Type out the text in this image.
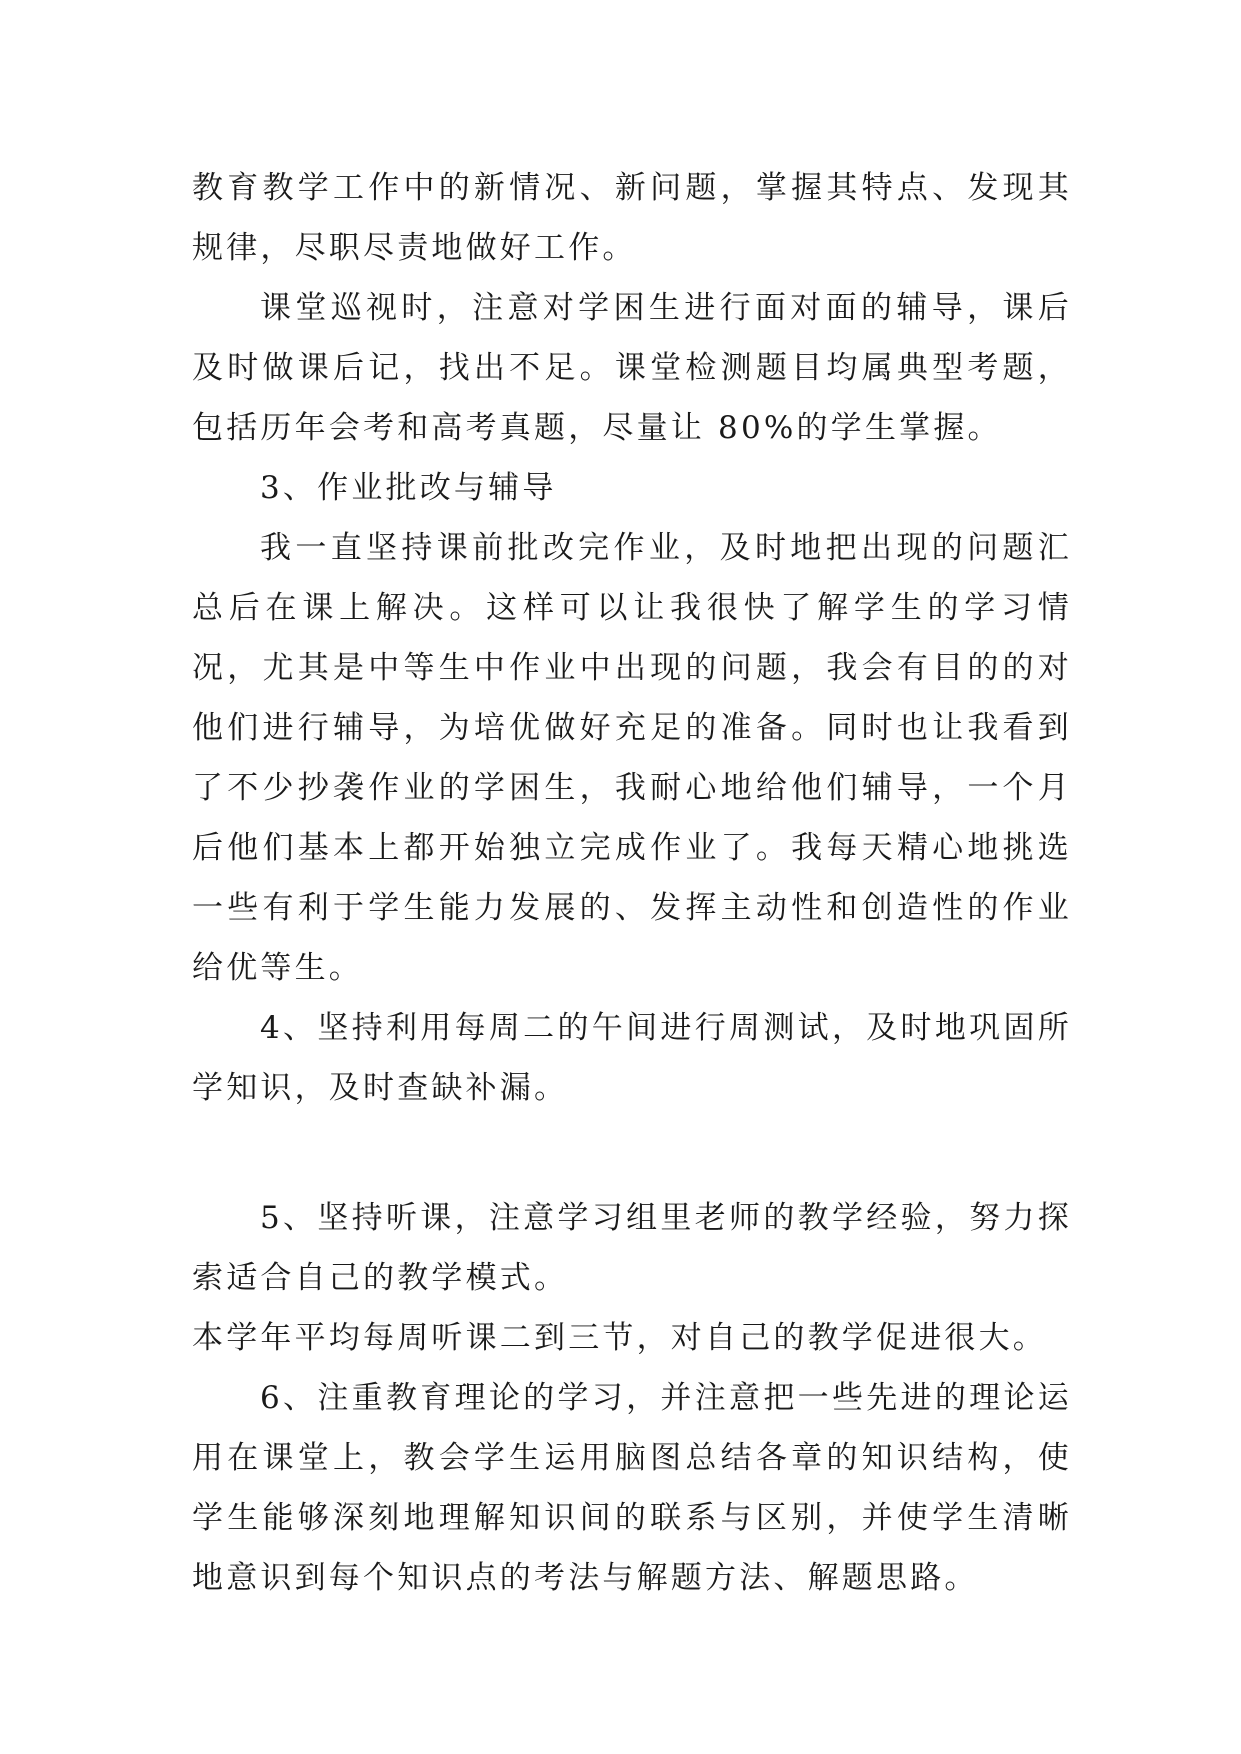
教育教学工作中的新情况、新问题，掌握其特点、发现其规律，尽职尽责地做好工作。

课堂巡视时，注意对学困生进行面对面的辅导，课后及时做课后记，找出不足。课堂检测题目均属典型考题，包括历年会考和高考真题，尽量让 80%的学生掌握。

3、作业批改与辅导

我一直坚持课前批改完作业，及时地把出现的问题汇总后在课上解决。这样可以让我很快了解学生的学习情况，尤其是中等生中作业中出现的问题，我会有目的的对他们进行辅导，为培优做好充足的准备。同时也让我看到了不少抄袭作业的学困生，我耐心地给他们辅导，一个月后他们基本上都开始独立完成作业了。我每天精心地挑选一些有利于学生能力发展的、发挥主动性和创造性的作业给优等生。

4、坚持利用每周二的午间进行周测试，及时地巩固所学知识，及时查缺补漏。

5、坚持听课，注意学习组里老师的教学经验，努力探索适合自己的教学模式。

本学年平均每周听课二到三节，对自己的教学促进很大。

6、注重教育理论的学习，并注意把一些先进的理论运用在课堂上，教会学生运用脑图总结各章的知识结构，使学生能够深刻地理解知识间的联系与区别，并使学生清晰地意识到每个知识点的考法与解题方法、解题思路。
